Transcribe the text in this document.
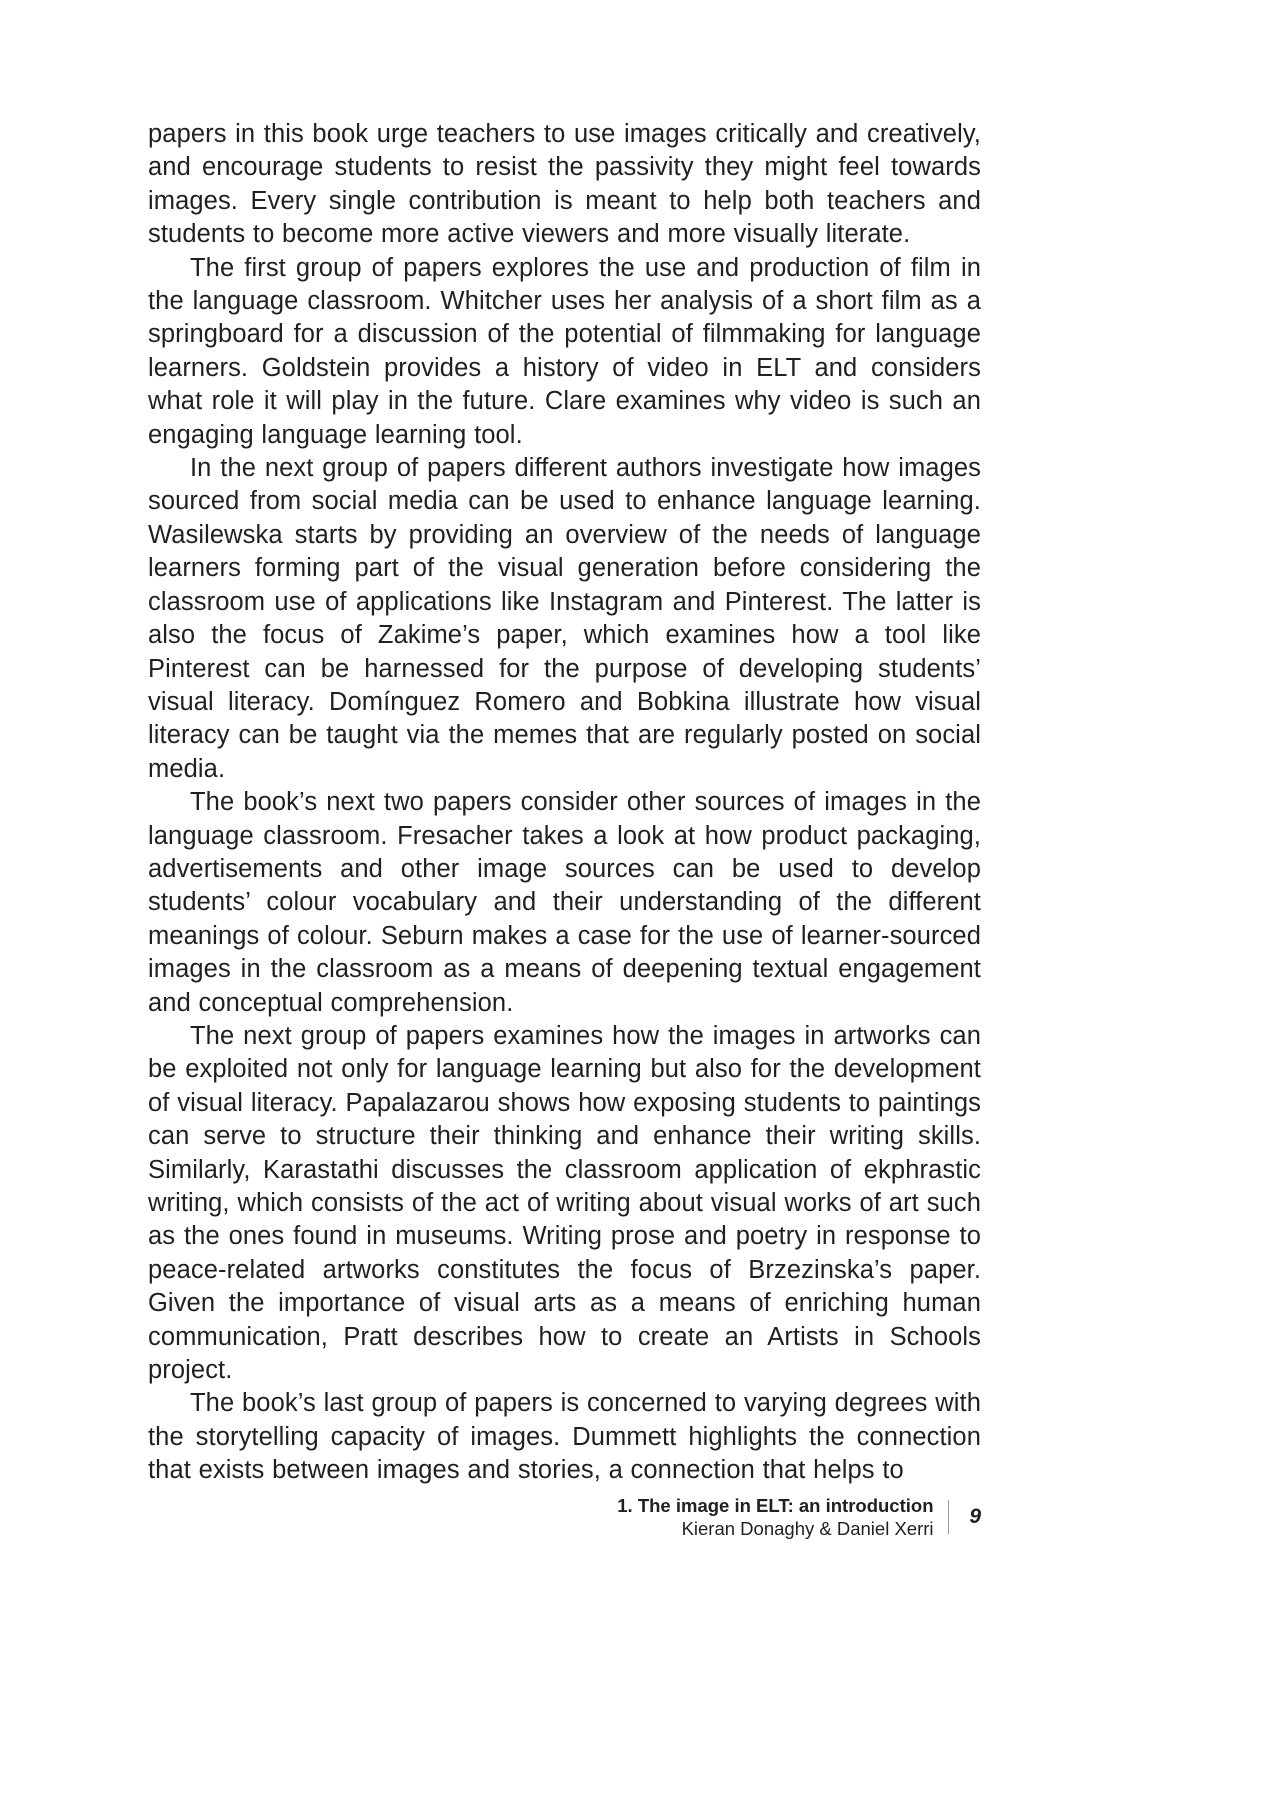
papers in this book urge teachers to use images critically and creatively, and encourage students to resist the passivity they might feel towards images. Every single contribution is meant to help both teachers and students to become more active viewers and more visually literate.

The first group of papers explores the use and production of film in the language classroom. Whitcher uses her analysis of a short film as a springboard for a discussion of the potential of filmmaking for language learners. Goldstein provides a history of video in ELT and considers what role it will play in the future. Clare examines why video is such an engaging language learning tool.

In the next group of papers different authors investigate how images sourced from social media can be used to enhance language learning. Wasilewska starts by providing an overview of the needs of language learners forming part of the visual generation before considering the classroom use of applications like Instagram and Pinterest. The latter is also the focus of Zakime’s paper, which examines how a tool like Pinterest can be harnessed for the purpose of developing students’ visual literacy. Domínguez Romero and Bobkina illustrate how visual literacy can be taught via the memes that are regularly posted on social media.

The book’s next two papers consider other sources of images in the language classroom. Fresacher takes a look at how product packaging, advertisements and other image sources can be used to develop students’ colour vocabulary and their understanding of the different meanings of colour. Seburn makes a case for the use of learner-sourced images in the classroom as a means of deepening textual engagement and conceptual comprehension.

The next group of papers examines how the images in artworks can be exploited not only for language learning but also for the development of visual literacy. Papalazarou shows how exposing students to paintings can serve to structure their thinking and enhance their writing skills. Similarly, Karastathi discusses the classroom application of ekphrastic writing, which consists of the act of writing about visual works of art such as the ones found in museums. Writing prose and poetry in response to peace-related artworks constitutes the focus of Brzezinska’s paper. Given the importance of visual arts as a means of enriching human communication, Pratt describes how to create an Artists in Schools project.

The book’s last group of papers is concerned to varying degrees with the storytelling capacity of images. Dummett highlights the connection that exists between images and stories, a connection that helps to

1. The image in ELT: an introduction
Kieran Donaghy & Daniel Xerri
9
